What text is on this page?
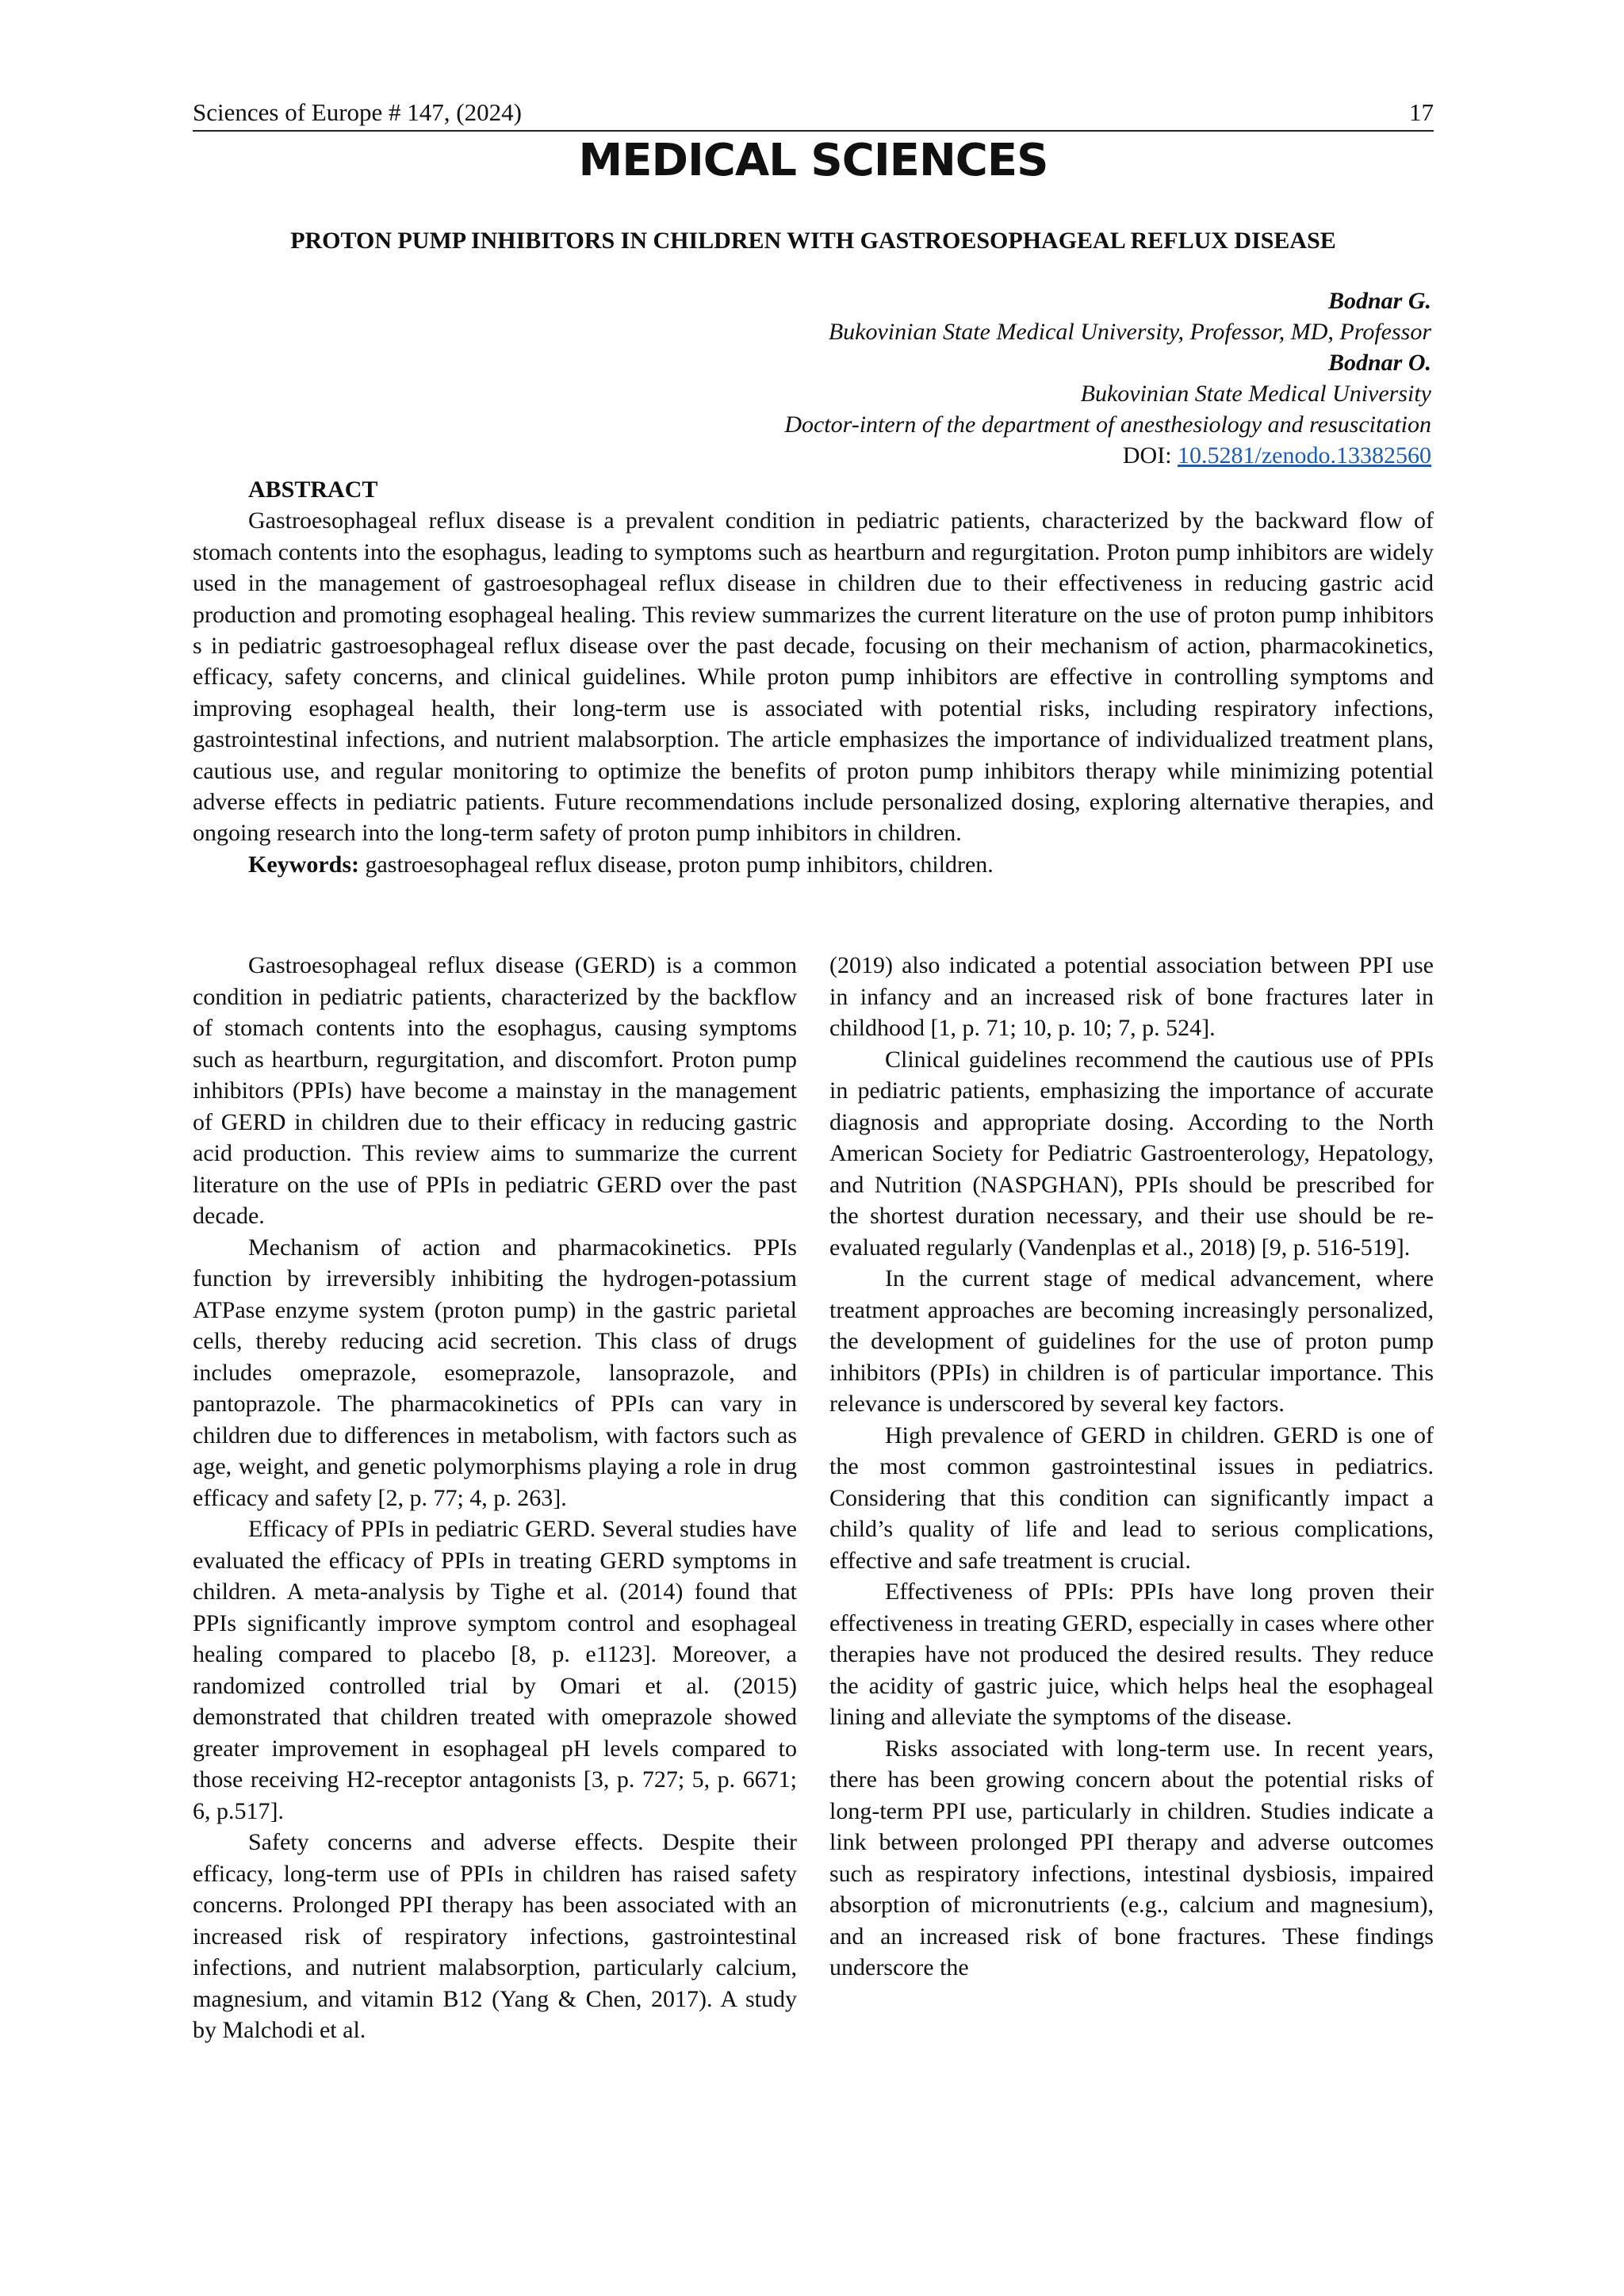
Sciences of Europe # 147, (2024)	17
MEDICAL SCIENCES
PROTON PUMP INHIBITORS IN CHILDREN WITH GASTROESOPHAGEAL REFLUX DISEASE
Bodnar G.
Bukovinian State Medical University, Professor, MD, Professor
Bodnar O.
Bukovinian State Medical University
Doctor-intern of the department of anesthesiology and resuscitation
DOI: 10.5281/zenodo.13382560
ABSTRACT

Gastroesophageal reflux disease is a prevalent condition in pediatric patients, characterized by the backward flow of stomach contents into the esophagus, leading to symptoms such as heartburn and regurgitation. Proton pump inhibitors are widely used in the management of gastroesophageal reflux disease in children due to their effectiveness in reducing gastric acid production and promoting esophageal healing. This review summarizes the current literature on the use of proton pump inhibitors s in pediatric gastroesophageal reflux disease over the past decade, focusing on their mechanism of action, pharmacokinetics, efficacy, safety concerns, and clinical guidelines. While proton pump inhibitors are effective in controlling symptoms and improving esophageal health, their long-term use is associated with potential risks, including respiratory infections, gastrointestinal infections, and nutrient malabsorption. The article emphasizes the importance of individualized treatment plans, cautious use, and regular monitoring to optimize the benefits of proton pump inhibitors therapy while minimizing potential adverse effects in pediatric patients. Future recommendations include personalized dosing, exploring alternative therapies, and ongoing research into the long-term safety of proton pump inhibitors in children.

Keywords: gastroesophageal reflux disease, proton pump inhibitors, children.

Gastroesophageal reflux disease (GERD) is a common condition in pediatric patients, characterized by the backflow of stomach contents into the esophagus, causing symptoms such as heartburn, regurgitation, and discomfort. Proton pump inhibitors (PPIs) have become a mainstay in the management of GERD in children due to their efficacy in reducing gastric acid production. This review aims to summarize the current literature on the use of PPIs in pediatric GERD over the past decade.

Mechanism of action and pharmacokinetics. PPIs function by irreversibly inhibiting the hydrogen-potassium ATPase enzyme system (proton pump) in the gastric parietal cells, thereby reducing acid secretion. This class of drugs includes omeprazole, esomeprazole, lansoprazole, and pantoprazole. The pharmacokinetics of PPIs can vary in children due to differences in metabolism, with factors such as age, weight, and genetic polymorphisms playing a role in drug efficacy and safety [2, p. 77; 4, p. 263].

Efficacy of PPIs in pediatric GERD. Several studies have evaluated the efficacy of PPIs in treating GERD symptoms in children. A meta-analysis by Tighe et al. (2014) found that PPIs significantly improve symptom control and esophageal healing compared to placebo [8, p. e1123]. Moreover, a randomized controlled trial by Omari et al. (2015) demonstrated that children treated with omeprazole showed greater improvement in esophageal pH levels compared to those receiving H2-receptor antagonists [3, p. 727; 5, p. 6671; 6, p.517].

Safety concerns and adverse effects. Despite their efficacy, long-term use of PPIs in children has raised safety concerns. Prolonged PPI therapy has been associated with an increased risk of respiratory infections, gastrointestinal infections, and nutrient malabsorption, particularly calcium, magnesium, and vitamin B12 (Yang & Chen, 2017). A study by Malchodi et al.

(2019) also indicated a potential association between PPI use in infancy and an increased risk of bone fractures later in childhood [1, p. 71; 10, p. 10; 7, p. 524].

Clinical guidelines recommend the cautious use of PPIs in pediatric patients, emphasizing the importance of accurate diagnosis and appropriate dosing. According to the North American Society for Pediatric Gastroenterology, Hepatology, and Nutrition (NASPGHAN), PPIs should be prescribed for the shortest duration necessary, and their use should be re-evaluated regularly (Vandenplas et al., 2018) [9, p. 516-519].

In the current stage of medical advancement, where treatment approaches are becoming increasingly personalized, the development of guidelines for the use of proton pump inhibitors (PPIs) in children is of particular importance. This relevance is underscored by several key factors.

High prevalence of GERD in children. GERD is one of the most common gastrointestinal issues in pediatrics. Considering that this condition can significantly impact a child’s quality of life and lead to serious complications, effective and safe treatment is crucial.

Effectiveness of PPIs: PPIs have long proven their effectiveness in treating GERD, especially in cases where other therapies have not produced the desired results. They reduce the acidity of gastric juice, which helps heal the esophageal lining and alleviate the symptoms of the disease.

Risks associated with long-term use. In recent years, there has been growing concern about the potential risks of long-term PPI use, particularly in children. Studies indicate a link between prolonged PPI therapy and adverse outcomes such as respiratory infections, intestinal dysbiosis, impaired absorption of micronutrients (e.g., calcium and magnesium), and an increased risk of bone fractures. These findings underscore the
